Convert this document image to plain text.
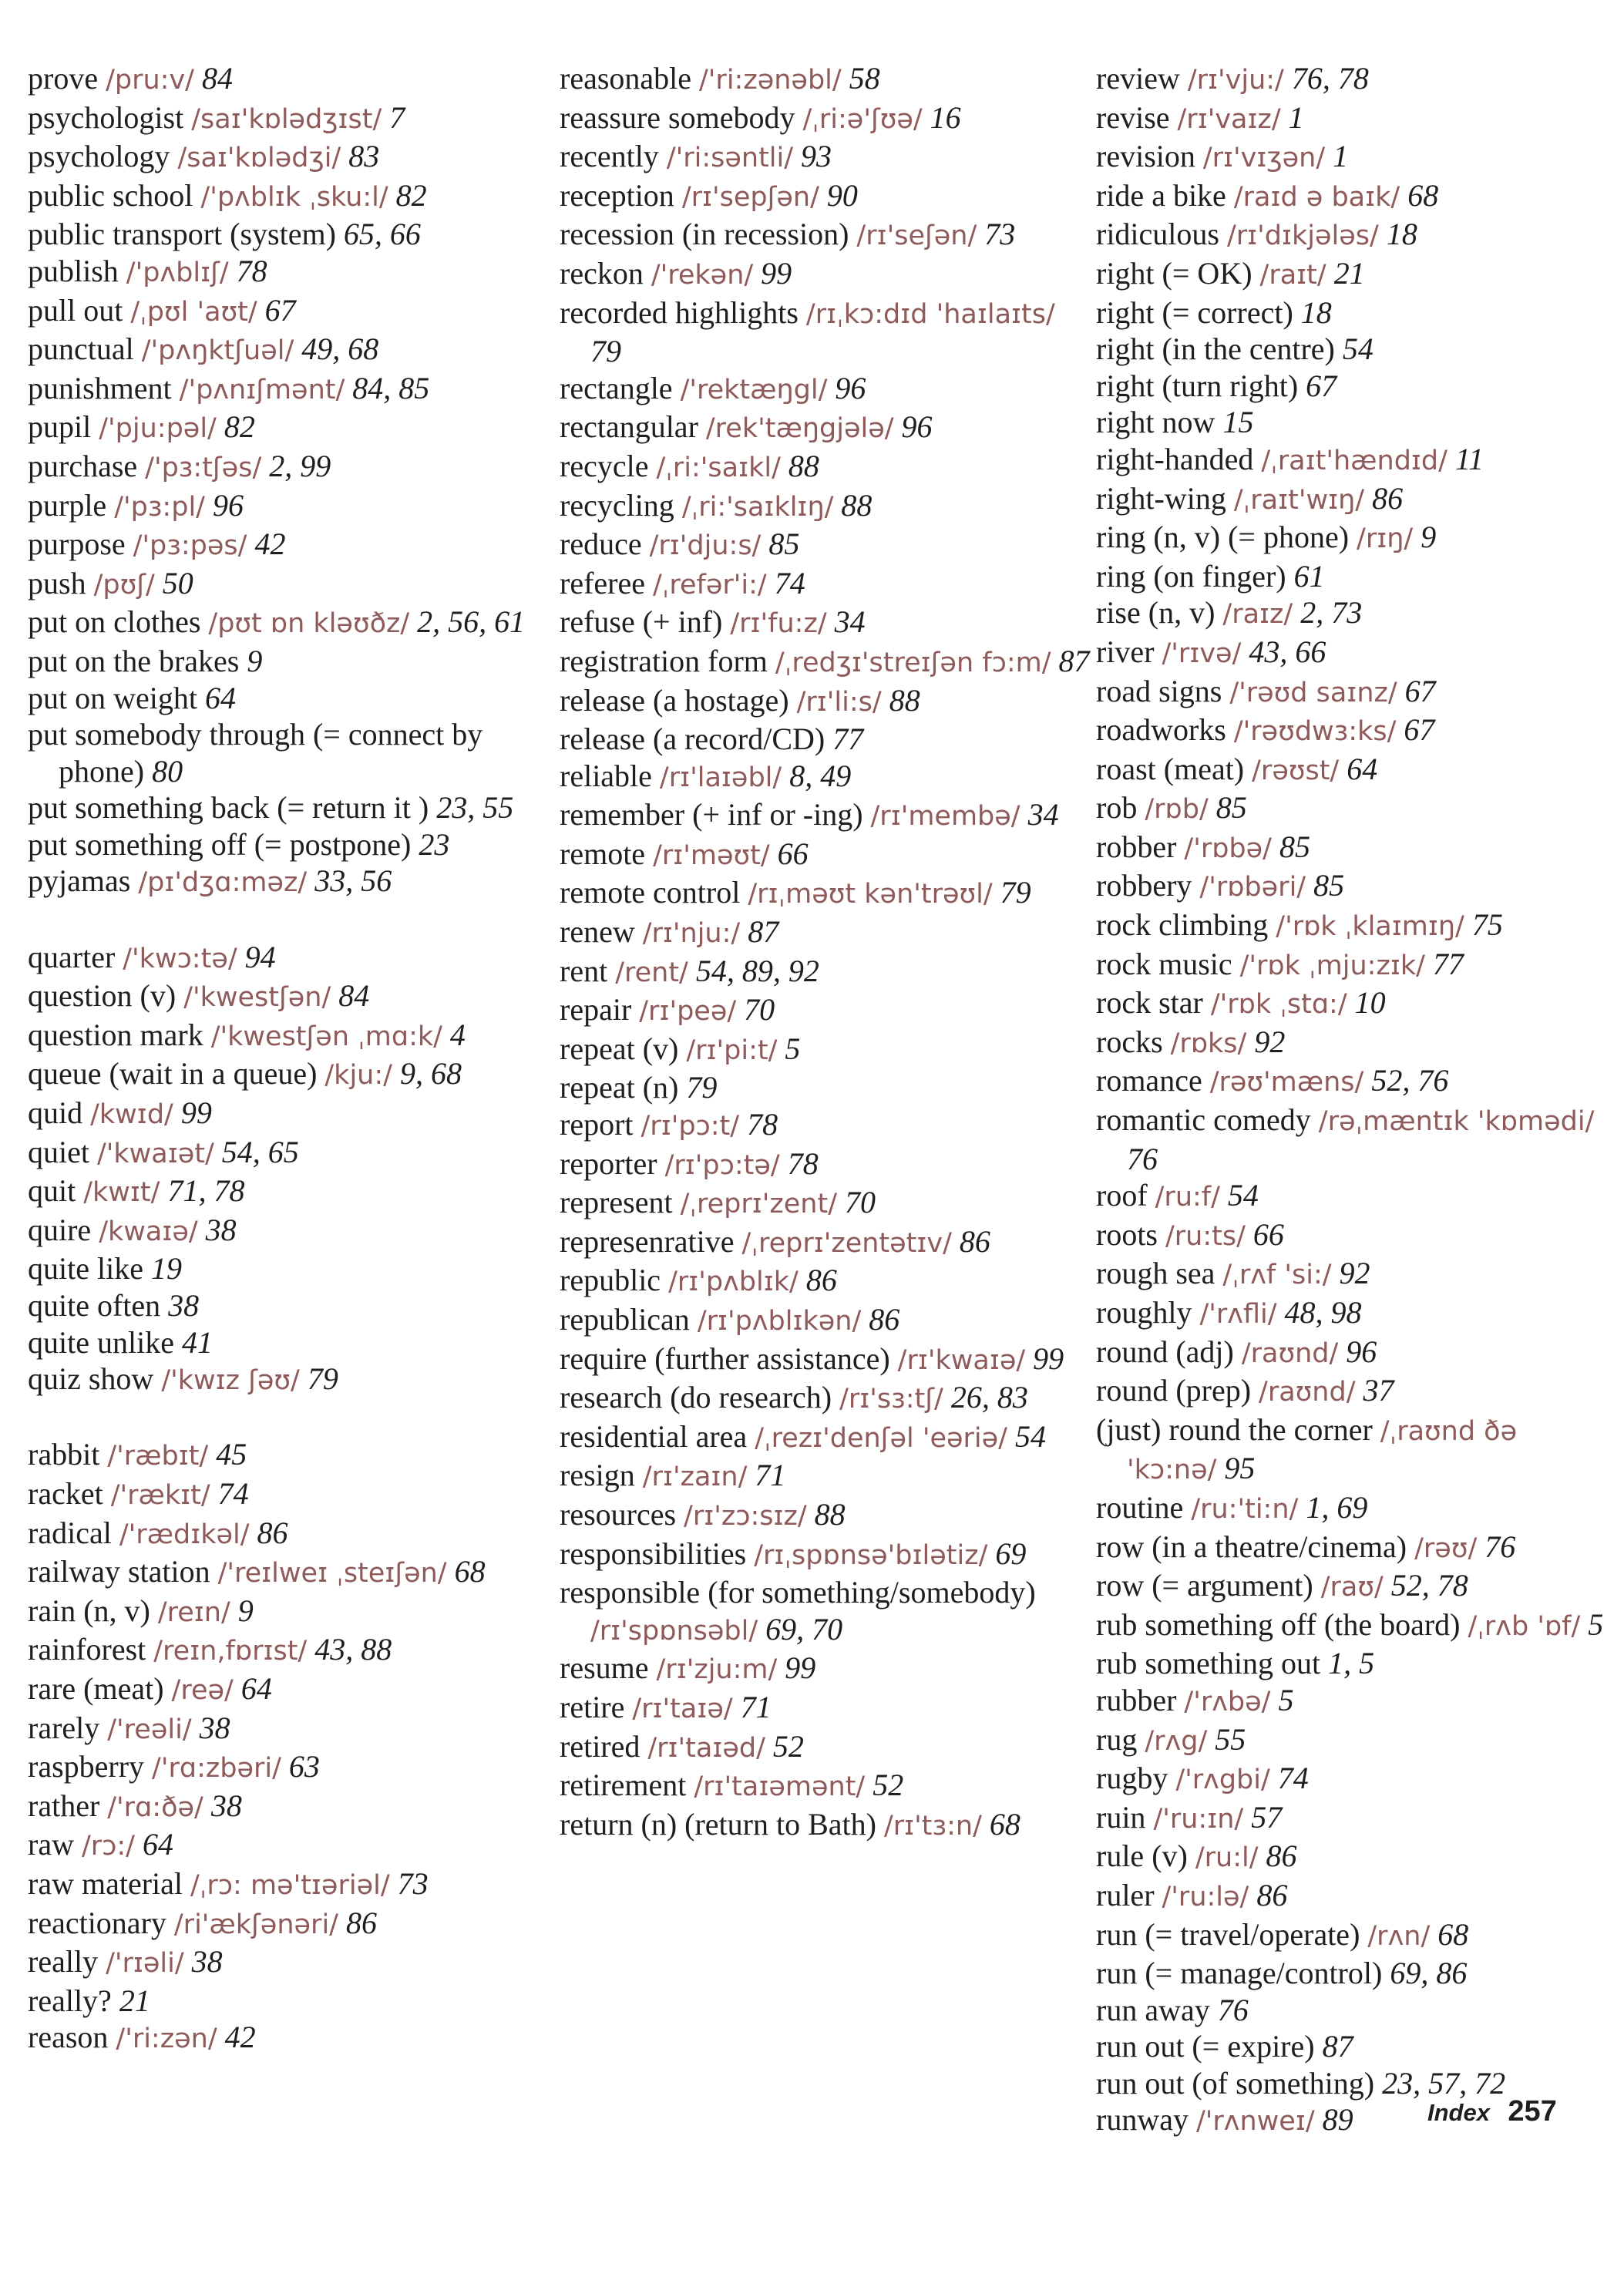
prove /pru:v/ 84

psychologist /saɪ'kɒlədʒɪst/ 7

psychology /saɪ'kɒlədʒi/ 83

public school /'pʌblɪk ˌsku:l/ 82

public transport (system) 65, 66

publish /'pʌblɪʃ/ 78

pull out /ˌpʊl 'aʊt/ 67

punctual /'pʌŋktʃuəl/ 49, 68

punishment /'pʌnɪʃmənt/ 84, 85

pupil /'pju:pəl/ 82

purchase /'pɜ:tʃəs/ 2, 99

purple /'pɜ:pl/ 96

purpose /'pɜ:pəs/ 42

push /pʊʃ/ 50

put on clothes /pʊt ɒn kləʊðz/ 2, 56, 61

put on the brakes 9

put on weight 64

put somebody through (= connect by phone) 80

put something back (= return it ) 23, 55

put something off (= postpone) 23

pyjamas /pɪ'dʒɑ:məz/ 33, 56

quarter /'kwɔ:tə/ 94

question (v) /'kwestʃən/ 84

question mark /'kwestʃən ˌmɑ:k/ 4

queue (wait in a queue) /kju:/ 9, 68

quid /kwɪd/ 99

quiet /'kwaɪət/ 54, 65

quit /kwɪt/ 71, 78

quire /kwaɪə/ 38

quite like 19

quite often 38

quite unlike 41

quiz show /'kwɪz ʃəʊ/ 79

rabbit /'ræbɪt/ 45

racket /'rækɪt/ 74

radical /'rædɪkəl/ 86

railway station /'reɪlweɪ ˌsteɪʃən/ 68

rain (n, v) /reɪn/ 9

rainforest /reɪn,fɒrɪst/ 43, 88

rare (meat) /reə/ 64

rarely /'reəli/ 38

raspberry /'rɑ:zbəri/ 63

rather /'rɑ:ðə/ 38

raw /rɔ:/ 64

raw material /ˌrɔ: mə'tɪəriəl/ 73

reactionary /ri'ækʃənəri/ 86

really /'rɪəli/ 38

really? 21

reason /'ri:zən/ 42

reasonable /'ri:zənəbl/ 58

reassure somebody /ˌri:ə'ʃʊə/ 16

recently /'ri:səntli/ 93

reception /rɪ'sepʃən/ 90

recession (in recession) /rɪ'seʃən/ 73

reckon /'rekən/ 99

recorded highlights /rɪˌkɔ:dɪd 'haɪlaɪts/ 79

rectangle /'rektæŋgl/ 96

rectangular /rek'tæŋgjələ/ 96

recycle /ˌri:'saɪkl/ 88

recycling /ˌri:'saɪklɪŋ/ 88

reduce /rɪ'dju:s/ 85

referee /ˌrefər'i:/ 74

refuse (+ inf) /rɪ'fu:z/ 34

registration form /ˌredʒɪ'streɪʃən fɔ:m/ 87

release (a hostage) /rɪ'li:s/ 88

release (a record/CD) 77

reliable /rɪ'laɪəbl/ 8, 49

remember (+ inf or -ing) /rɪ'membə/ 34

remote /rɪ'məʊt/ 66

remote control /rɪˌməʊt kən'trəʊl/ 79

renew /rɪ'nju:/ 87

rent /rent/ 54, 89, 92

repair /rɪ'peə/ 70

repeat (v) /rɪ'pi:t/ 5

repeat (n) 79

report /rɪ'pɔ:t/ 78

reporter /rɪ'pɔ:tə/ 78

represent /ˌreprɪ'zent/ 70

represenrative /ˌreprɪ'zentətɪv/ 86

republic /rɪ'pʌblɪk/ 86

republican /rɪ'pʌblɪkən/ 86

require (further assistance) /rɪ'kwaɪə/ 99

research (do research) /rɪ'sɜ:tʃ/ 26, 83

residential area /ˌrezɪ'denʃəl 'eəriə/ 54

resign /rɪ'zaɪn/ 71

resources /rɪ'zɔ:sɪz/ 88

responsibilities /rɪˌspɒnsə'bɪlətiz/ 69

responsible (for something/somebody) /rɪ'spɒnsəbl/ 69, 70

resume /rɪ'zju:m/ 99

retire /rɪ'taɪə/ 71

retired /rɪ'taɪəd/ 52

retirement /rɪ'taɪəmənt/ 52

return (n) (return to Bath) /rɪ'tɜ:n/ 68

review /rɪ'vju:/ 76, 78

revise /rɪ'vaɪz/ 1

revision /rɪ'vɪʒən/ 1

ride a bike /raɪd ə baɪk/ 68

ridiculous /rɪ'dɪkjələs/ 18

right (= OK) /raɪt/ 21

right (= correct) 18

right (in the centre) 54

right (turn right) 67

right now 15

right-handed /ˌraɪt'hændɪd/ 11

right-wing /ˌraɪt'wɪŋ/ 86

ring (n, v) (= phone) /rɪŋ/ 9

ring (on finger) 61

rise (n, v) /raɪz/ 2, 73

river /'rɪvə/ 43, 66

road signs /'rəʊd saɪnz/ 67

roadworks /'rəʊdwɜ:ks/ 67

roast (meat) /rəʊst/ 64

rob /rɒb/ 85

robber /'rɒbə/ 85

robbery /'rɒbəri/ 85

rock climbing /'rɒk ˌklaɪmɪŋ/ 75

rock music /'rɒk ˌmju:zɪk/ 77

rock star /'rɒk ˌstɑ:/ 10

rocks /rɒks/ 92

romance /rəʊ'mæns/ 52, 76

romantic comedy /rəˌmæntɪk 'kɒmədi/ 76

roof /ru:f/ 54

roots /ru:ts/ 66

rough sea /ˌrʌf 'si:/ 92

roughly /'rʌfli/ 48, 98

round (adj) /raʊnd/ 96

round (prep) /raʊnd/ 37

(just) round the corner /ˌraʊnd ðə 'kɔ:nə/ 95

routine /ru:'ti:n/ 1, 69

row (in a theatre/cinema) /rəʊ/ 76

row (= argument) /raʊ/ 52, 78

rub something off (the board) /ˌrʌb 'ɒf/ 5

rub something out 1, 5

rubber /'rʌbə/ 5

rug /rʌg/ 55

rugby /'rʌgbi/ 74

ruin /'ru:ɪn/ 57

rule (v) /ru:l/ 86

ruler /'ru:lə/ 86

run (= travel/operate) /rʌn/ 68

run (= manage/control) 69, 86

run away 76

run out (= expire) 87

run out (of something) 23, 57, 72

runway /'rʌnweɪ/ 89	Index 257
